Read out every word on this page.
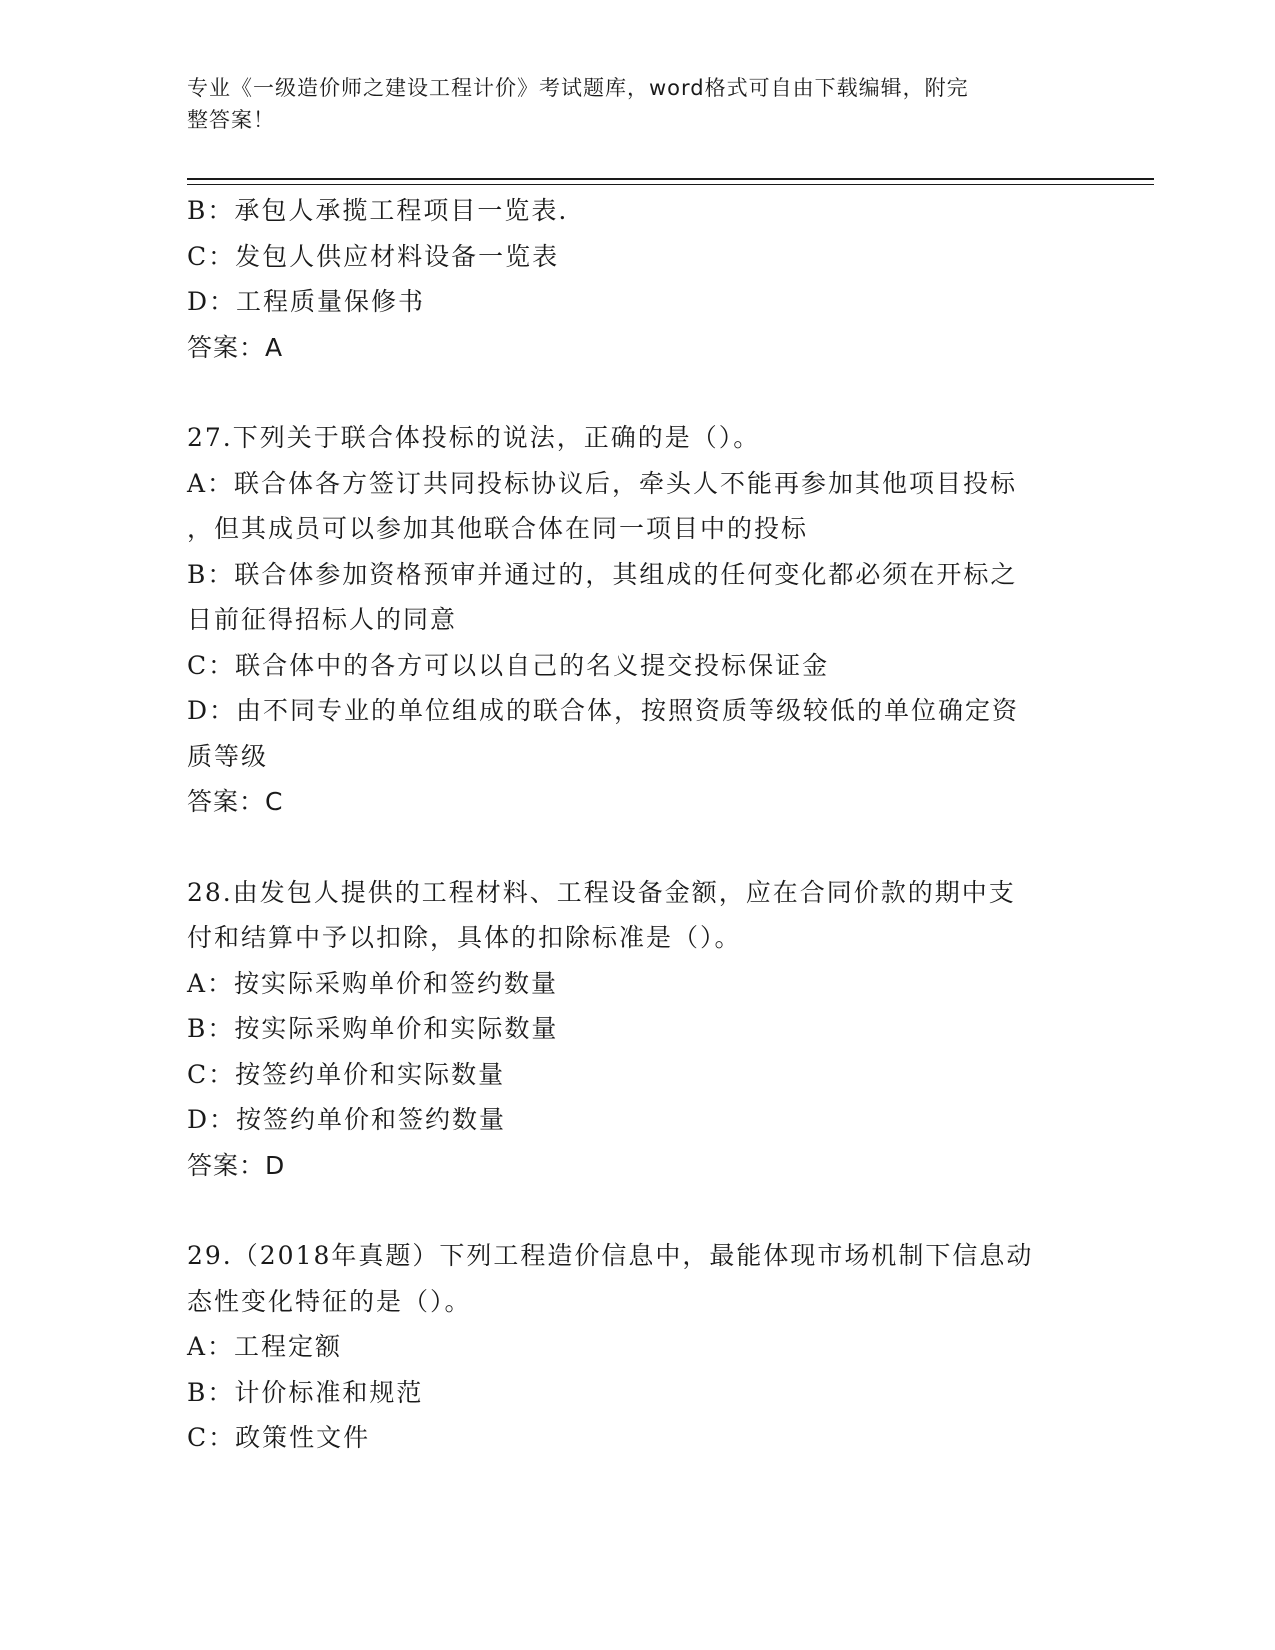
专业《一级造价师之建设工程计价》考试题库，word格式可自由下载编辑，附完
整答案！
B：承包人承揽工程项目一览表.
C：发包人供应材料设备一览表
D：工程质量保修书
答案：A
27.下列关于联合体投标的说法，正确的是（）。
A：联合体各方签订共同投标协议后，牵头人不能再参加其他项目投标
，但其成员可以参加其他联合体在同一项目中的投标
B：联合体参加资格预审并通过的，其组成的任何变化都必须在开标之
日前征得招标人的同意
C：联合体中的各方可以以自己的名义提交投标保证金
D：由不同专业的单位组成的联合体，按照资质等级较低的单位确定资
质等级
答案：C
28.由发包人提供的工程材料、工程设备金额，应在合同价款的期中支
付和结算中予以扣除，具体的扣除标准是（）。
A：按实际采购单价和签约数量
B：按实际采购单价和实际数量
C：按签约单价和实际数量
D：按签约单价和签约数量
答案：D
29.（2018年真题）下列工程造价信息中，最能体现市场机制下信息动
态性变化特征的是（）。
A：工程定额
B：计价标准和规范
C：政策性文件
